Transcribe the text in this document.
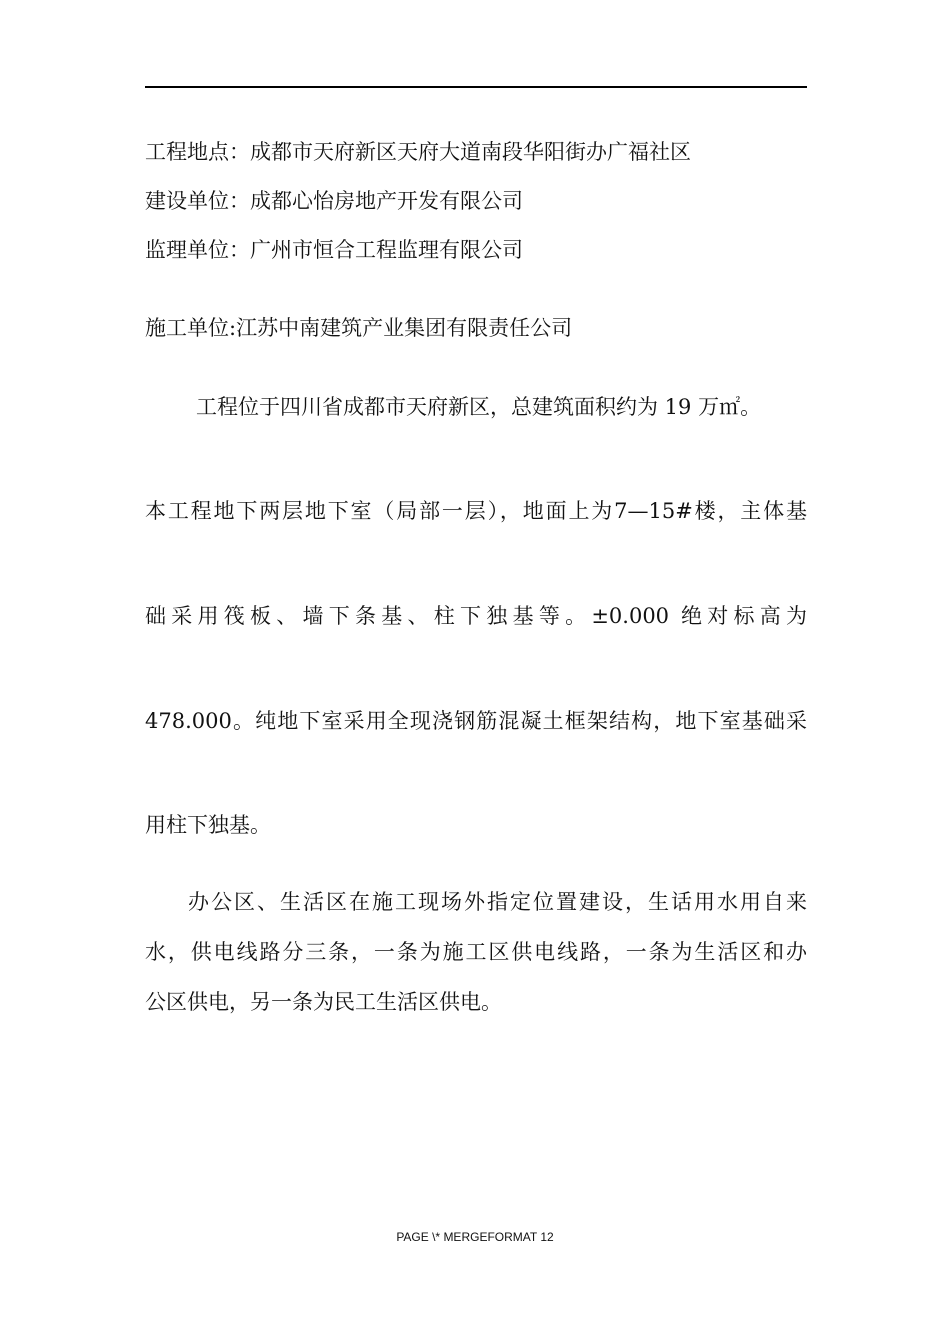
工程地点：成都市天府新区天府大道南段华阳街办广福社区
建设单位：成都心怡房地产开发有限公司
监理单位：广州市恒合工程监理有限公司
施工单位:江苏中南建筑产业集团有限责任公司
工程位于四川省成都市天府新区，总建筑面积约为 19 万㎡。
本工程地下两层地下室（局部一层），地面上为7—15#楼，主体基
础采用筏板、墙下条基、柱下独基等。±0.000 绝对标高为
478.000。纯地下室采用全现浇钢筋混凝土框架结构，地下室基础采
用柱下独基。
办公区、生活区在施工现场外指定位置建设，生话用水用自来
水，供电线路分三条，一条为施工区供电线路，一条为生活区和办
公区供电，另一条为民工生活区供电。
PAGE \* MERGEFORMAT 12
